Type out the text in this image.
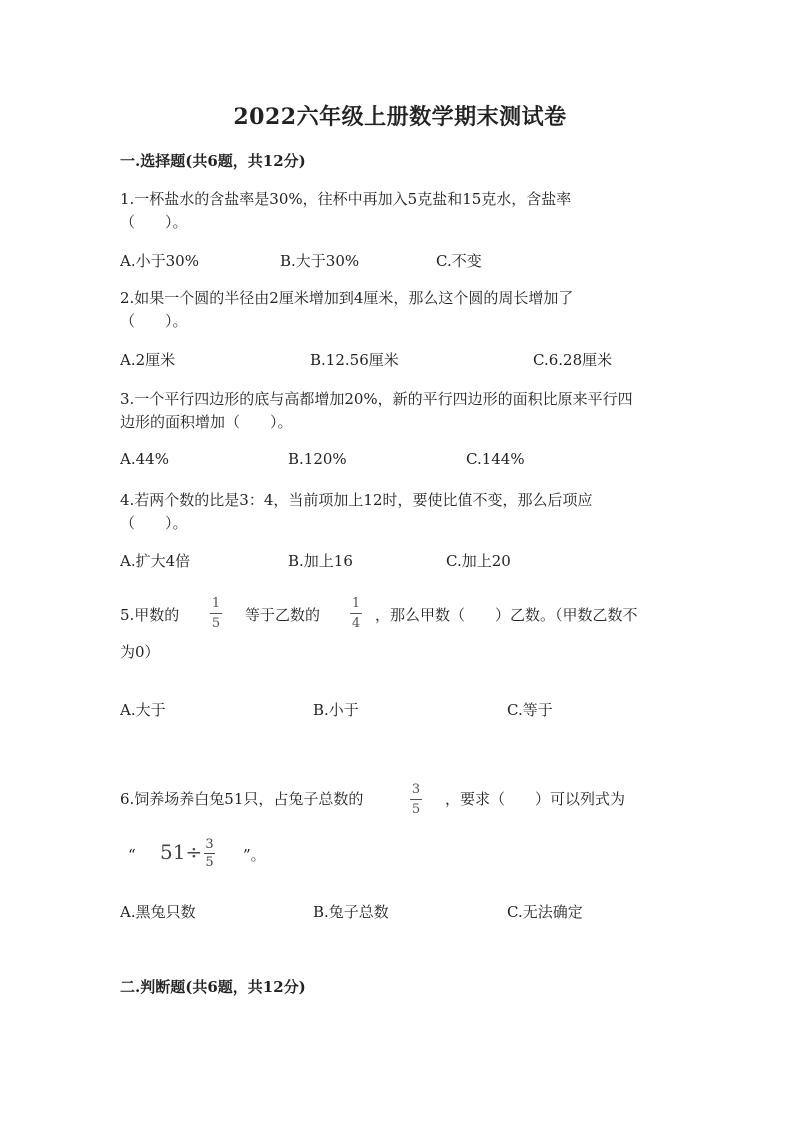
2022六年级上册数学期末测试卷
一.选择题(共6题，共12分)
1.一杯盐水的含盐率是30%，往杯中再加入5克盐和15克水，含盐率
（　　）。
A.小于30%	B.大于30%	C.不变
2.如果一个圆的半径由2厘米增加到4厘米，那么这个圆的周长增加了
（　　）。
A.2厘米	B.12.56厘米	C.6.28厘米
3.一个平行四边形的底与高都增加20%，新的平行四边形的面积比原来平行四
边形的面积增加（　　）。
A.44%	B.120%	C.144%
4.若两个数的比是3：4，当前项加上12时，要使比值不变，那么后项应
（　　）。
A.扩大4倍	B.加上16	C.加上20
5.甲数的
1
5 等于乙数的
1
4 ，那么甲数（　　）乙数。（甲数乙数不
为0）
A.大于	B.小于	C.等于
6.饲养场养白兔51只，占兔子总数的
3
5
，要求（　　）可以列式为
“ 51÷ 3
5 ”。
A.黑兔只数	B.兔子总数	C.无法确定
二.判断题(共6题，共12分)
